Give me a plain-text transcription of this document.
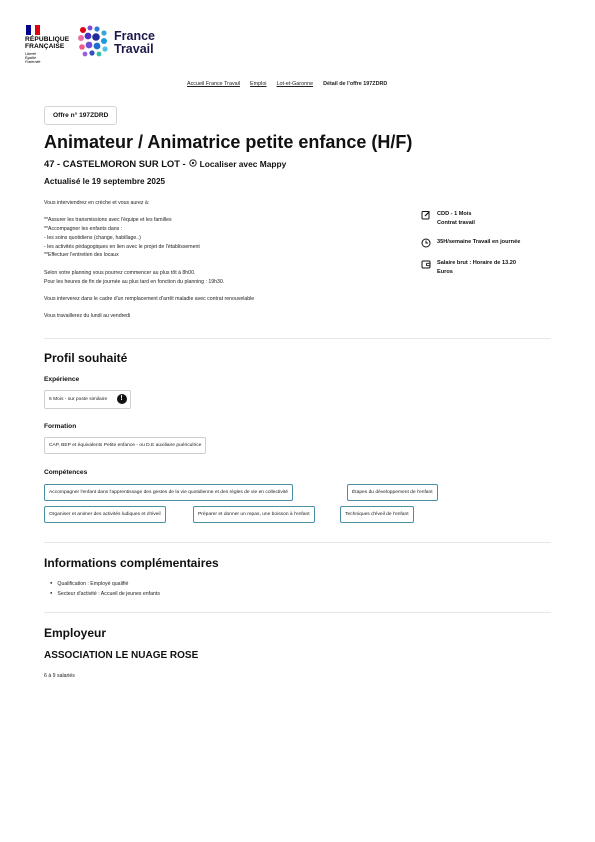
RÉPUBLIQUE
FRANÇAISE
Liberté
Égalité
Fraternité
France
Travail
Accueil France Travail Emploi Lot-et-Garonne Détail de l'offre 197ZDRD
Offre n° 197ZDRD
Animateur / Animatrice petite enfance (H/F)
47 - CASTELMORON SUR LOT - Localiser avec Mappy
Actualisé le 19 septembre 2025

Vous interviendrez en crèche et vous aurez à:

**Assurer les transmissions avec l'équipe et les familles

**Accompagner les enfants dans :

- les soins quotidiens (change, habillage..)

- les activités pédagogiques en lien avec le projet de l'établissement

**Effectuer l'entretien des locaux

Selon votre planning vous pourrez commencer au plus tôt à 8h00.

Pour les heures de fin de journée au plus tard en fonction du planning : 19h30.

Vous interverez dans le cadre d'un remplacement d'arrêt maladie avec contrat renouvelable

Vous travaillerez du lundi au vendredi

CDD - 1 Mois
Contrat travail
35H/semaine Travail en journée
Salaire brut : Horaire de 13.20
Euros
Profil souhaité
Expérience
6 Mois - sur poste similaire !
Formation
CAP, BEP et équivalents Petite enfance - ou D.E auxiliaire puériculrice
Compétences
Accompagner l'enfant dans l'apprentissage des gestes de la vie quotidienne et des règles de vie en collectivité	Étapes du développement de l'enfant
Organiser et animer des activités ludiques et d'éveil	Préparer et donner un repas, une boisson à l'enfant	Techniques d'éveil de l'enfant
Informations complémentaires
● Qualification : Employé qualifié
● Secteur d'activité : Accueil de jeunes enfants
Employeur
ASSOCIATION LE NUAGE ROSE
6 à 9 salariés
